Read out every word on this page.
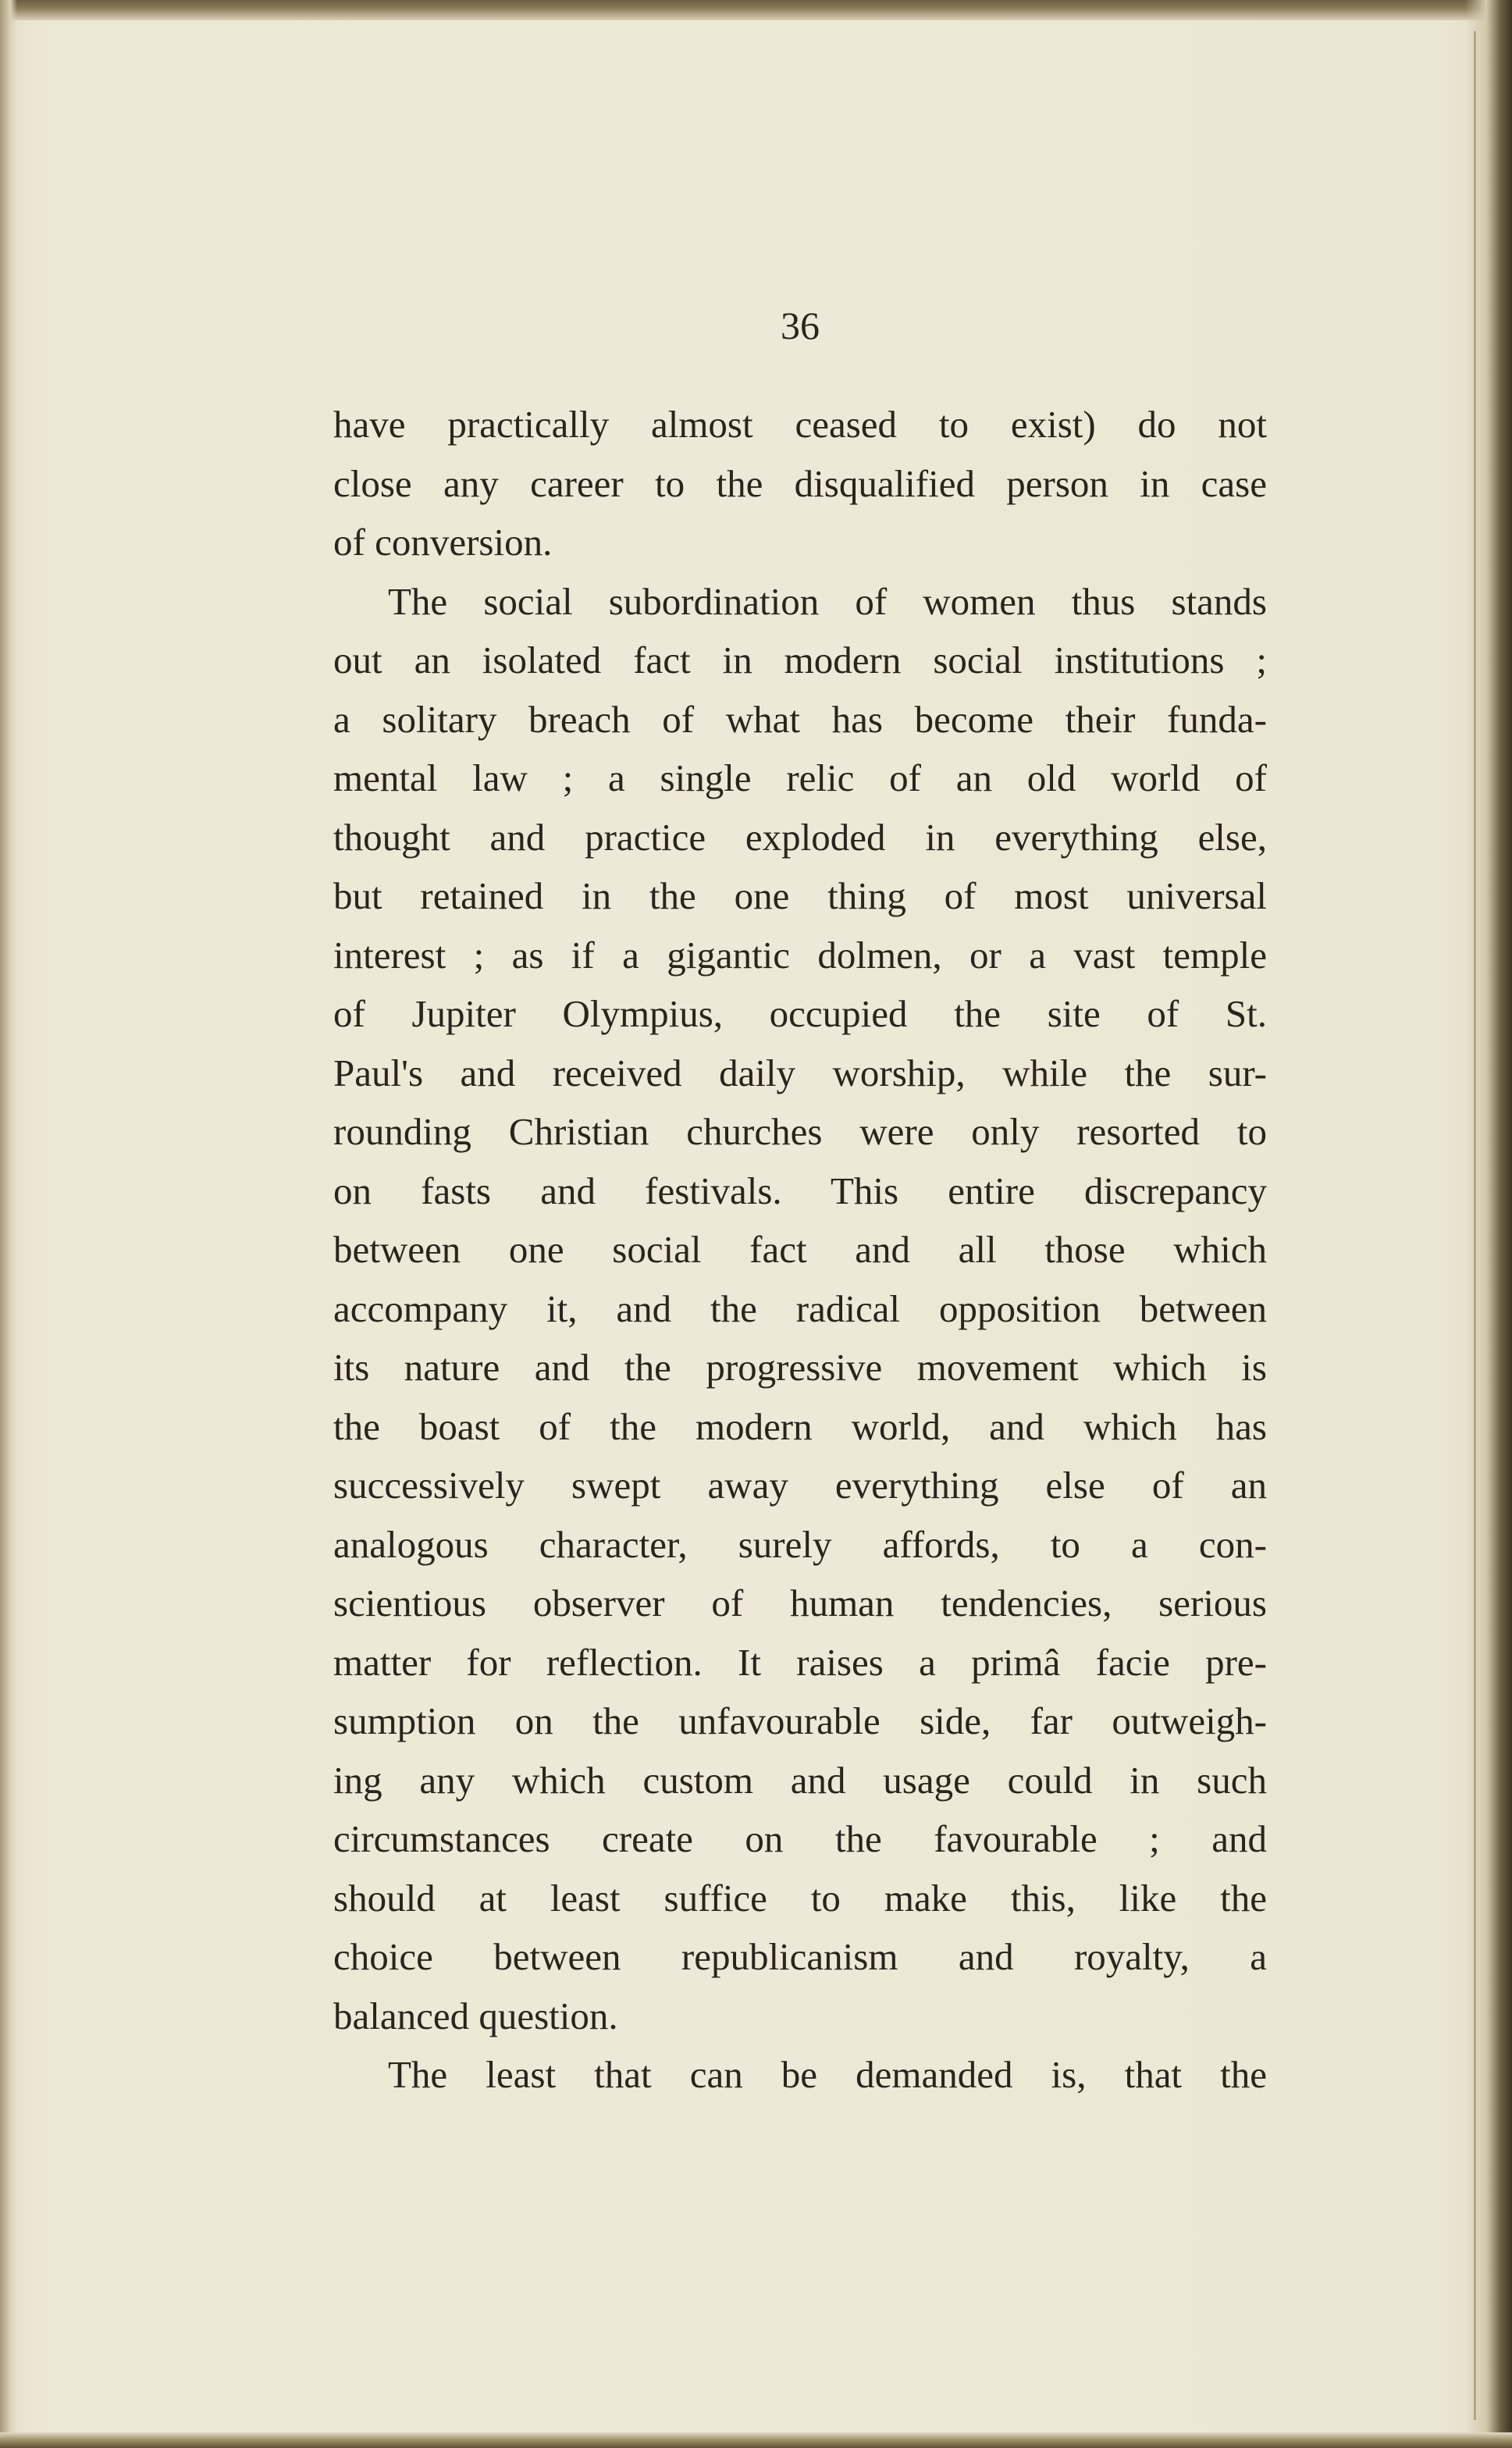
36
have practically almost ceased to exist) do not
close any career to the disqualified person in case
of conversion.
The social subordination of women thus stands
out an isolated fact in modern social institutions ;
a solitary breach of what has become their funda-
mental law ; a single relic of an old world of
thought and practice exploded in everything else,
but retained in the one thing of most universal
interest ; as if a gigantic dolmen, or a vast temple
of Jupiter Olympius, occupied the site of St.
Paul's and received daily worship, while the sur-
rounding Christian churches were only resorted to
on fasts and festivals. This entire discrepancy
between one social fact and all those which
accompany it, and the radical opposition between
its nature and the progressive movement which is
the boast of the modern world, and which has
successively swept away everything else of an
analogous character, surely affords, to a con-
scientious observer of human tendencies, serious
matter for reflection. It raises a primâ facie pre-
sumption on the unfavourable side, far outweigh-
ing any which custom and usage could in such
circumstances create on the favourable ; and
should at least suffice to make this, like the
choice between republicanism and royalty, a
balanced question.
The least that can be demanded is, that the
